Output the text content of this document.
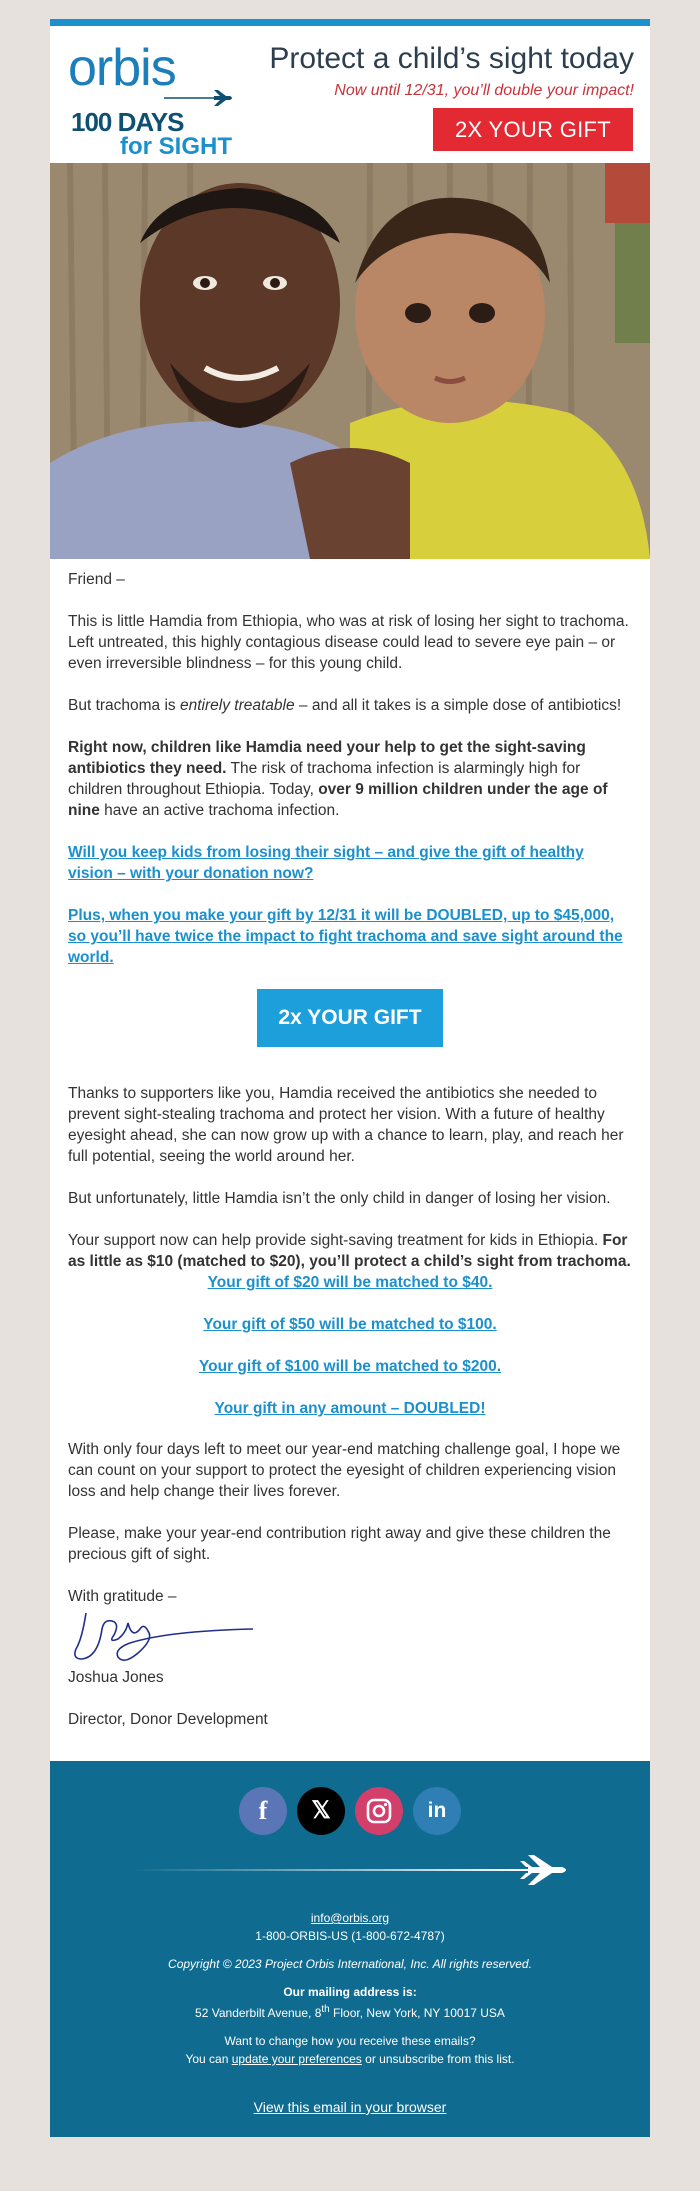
orbis
100 DAYS
for SIGHT
Protect a child’s sight today
Now until 12/31, you’ll double your impact!
2X YOUR GIFT

Friend –

This is little Hamdia from Ethiopia, who was at risk of losing her sight to trachoma. Left untreated, this highly contagious disease could lead to severe eye pain – or even irreversible blindness – for this young child.

But trachoma is entirely treatable – and all it takes is a simple dose of antibiotics!

Right now, children like Hamdia need your help to get the sight-saving antibiotics they need. The risk of trachoma infection is alarmingly high for children throughout Ethiopia. Today, over 9 million children under the age of nine have an active trachoma infection.

Will you keep kids from losing their sight – and give the gift of healthy vision – with your donation now?

Plus, when you make your gift by 12/31 it will be DOUBLED, up to $45,000, so you’ll have twice the impact to fight trachoma and save sight around the world.

2x YOUR GIFT

Thanks to supporters like you, Hamdia received the antibiotics she needed to prevent sight-stealing trachoma and protect her vision. With a future of healthy eyesight ahead, she can now grow up with a chance to learn, play, and reach her full potential, seeing the world around her.

But unfortunately, little Hamdia isn’t the only child in danger of losing her vision.

Your support now can help provide sight-saving treatment for kids in Ethiopia. For as little as $10 (matched to $20), you’ll protect a child’s sight from trachoma.

Your gift of $20 will be matched to $40.
Your gift of $50 will be matched to $100.
Your gift of $100 will be matched to $200.
Your gift in any amount – DOUBLED!

With only four days left to meet our year-end matching challenge goal, I hope we can count on your support to protect the eyesight of children experiencing vision loss and help change their lives forever.

Please, make your year-end contribution right away and give these children the precious gift of sight.

With gratitude –

Joshua Jones

Director, Donor Development

f	𝕏	in

info@orbis.org

1-800-ORBIS-US (1-800-672-4787)

Copyright © 2023 Project Orbis International, Inc. All rights reserved.

Our mailing address is:

52 Vanderbilt Avenue, 8th Floor, New York, NY 10017 USA

Want to change how you receive these emails?

You can update your preferences or unsubscribe from this list.

View this email in your browser
